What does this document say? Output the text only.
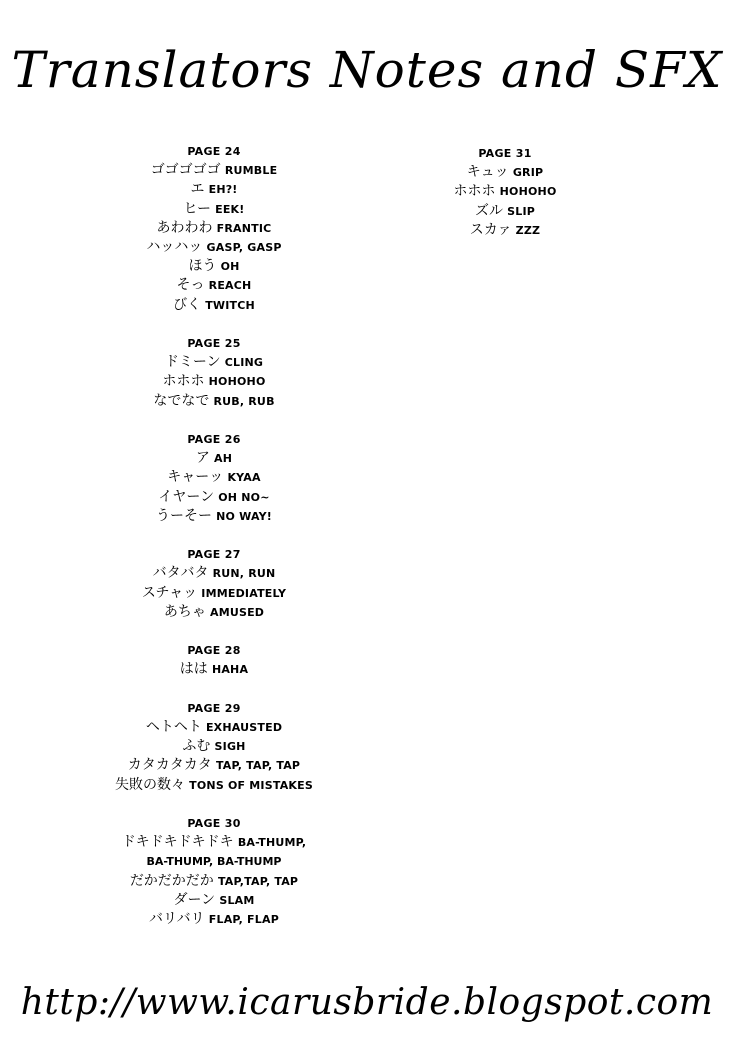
Translators Notes and SFX
PAGE 24
ゴゴゴゴゴ RUMBLE
エ EH?!
ヒー EEK!
あわわわ FRANTIC
ハッハッ GASP, GASP
ほう OH
そっ REACH
びく TWITCH
PAGE 25
ドミーン CLING
ホホホ HOHOHO
なでなで RUB, RUB
PAGE 26
ア AH
キャーッ KYAA
イヤーン OH NO~
うーそー NO WAY!
PAGE 27
バタバタ RUN, RUN
スチャッ IMMEDIATELY
あちゃ AMUSED
PAGE 28
はは HAHA
PAGE 29
ヘトヘト EXHAUSTED
ふむ SIGH
カタカタカタ TAP, TAP, TAP
失敗の数々 TONS OF MISTAKES
PAGE 30
ドキドキドキドキ BA-THUMP,
BA-THUMP, BA-THUMP
だかだかだか TAP,TAP, TAP
ダーン SLAM
バリバリ FLAP, FLAP
PAGE 31
キュッ GRIP
ホホホ HOHOHO
ズル SLIP
スカァ ZZZ
http://www.icarusbride.blogspot.com
